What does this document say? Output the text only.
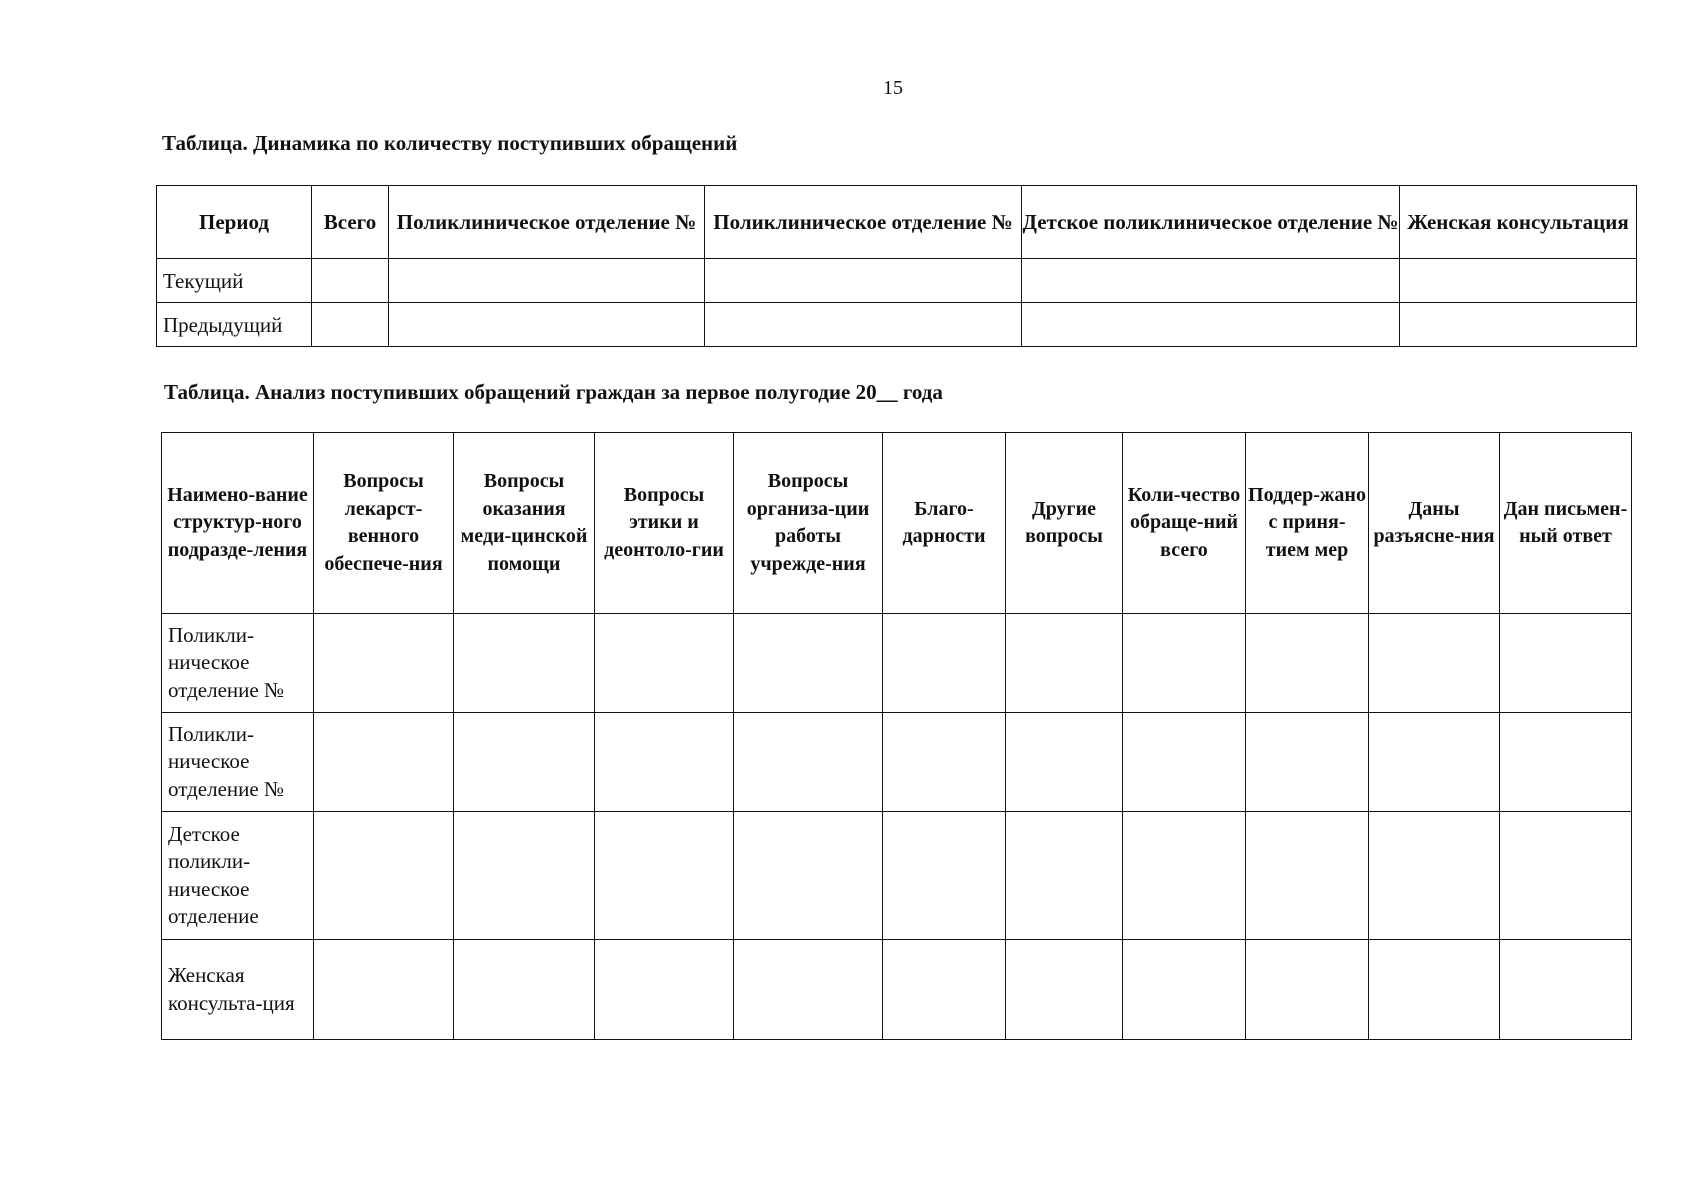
15
Таблица. Динамика по количеству поступивших обращений
Период	Всего	Поликлиническое отделение №	Поликлиническое отделение №	Детское поликлиническое отделение №	Женская консультация
Текущий					
Предыдущий					
Таблица. Анализ поступивших обращений граждан за первое полугодие 20__ года
Наимено-вание структур-ного подразде-ления	Вопросы лекарст-венного обеспече-ния	Вопросы оказания меди-цинской помощи	Вопросы этики и деонтоло-гии	Вопросы организа-ции работы учрежде-ния	Благо-дарности	Другие вопросы	Коли-чество обраще-ний всего	Поддер-жано с приня-тием мер	Даны разъясне-ния	Дан письмен-ный ответ
Поликли-ническое отделение №										
Поликли-ническое отделение №										
Детское поликли-ническое отделение										
Женская консульта-ция										
